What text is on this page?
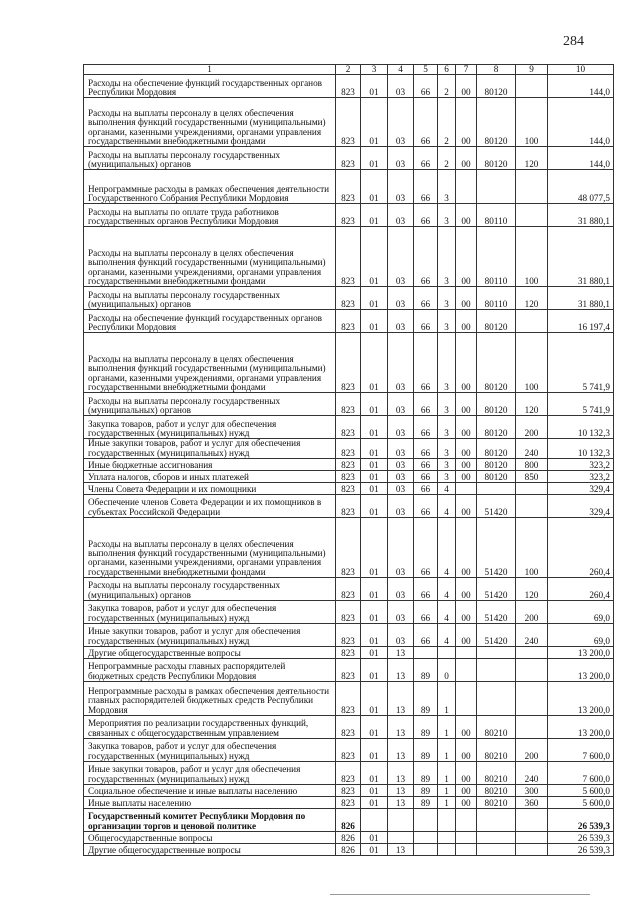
284
1	2	3	4	5	6	7	8	9	10
Расходы на обеспечение функций государственных органов Республики Мордовия	823	01	03	66	2	00	80120		144,0
Расходы на выплаты персоналу в целях обеспечения выполнения функций государственными (муниципальными) органами, казенными учреждениями, органами управления государственными внебюджетными фондами	823	01	03	66	2	00	80120	100	144,0
Расходы на выплаты персоналу государственных (муниципальных) органов	823	01	03	66	2	00	80120	120	144,0
Непрограммные расходы в рамках обеспечения деятельности Государственного Собрания Республики Мордовия	823	01	03	66	3				48 077,5
Расходы на выплаты по оплате труда работников государственных органов Республики Мордовия	823	01	03	66	3	00	80110		31 880,1
Расходы на выплаты персоналу в целях обеспечения выполнения функций государственными (муниципальными) органами, казенными учреждениями, органами управления государственными внебюджетными фондами	823	01	03	66	3	00	80110	100	31 880,1
Расходы на выплаты персоналу государственных (муниципальных) органов	823	01	03	66	3	00	80110	120	31 880,1
Расходы на обеспечение функций государственных органов Республики Мордовия	823	01	03	66	3	00	80120		16 197,4
Расходы на выплаты персоналу в целях обеспечения выполнения функций государственными (муниципальными) органами, казенными учреждениями, органами управления государственными внебюджетными фондами	823	01	03	66	3	00	80120	100	5 741,9
Расходы на выплаты персоналу государственных (муниципальных) органов	823	01	03	66	3	00	80120	120	5 741,9
Закупка товаров, работ и услуг для обеспечения государственных (муниципальных) нужд	823	01	03	66	3	00	80120	200	10 132,3
Иные закупки товаров, работ и услуг для обеспечения государственных (муниципальных) нужд	823	01	03	66	3	00	80120	240	10 132,3
Иные бюджетные ассигнования	823	01	03	66	3	00	80120	800	323,2
Уплата налогов, сборов и иных платежей	823	01	03	66	3	00	80120	850	323,2
Члены Совета Федерации и их помощники	823	01	03	66	4				329,4
Обеспечение членов Совета Федерации и их помощников в субъектах Российской Федерации	823	01	03	66	4	00	51420		329,4
Расходы на выплаты персоналу в целях обеспечения выполнения функций государственными (муниципальными) органами, казенными учреждениями, органами управления государственными внебюджетными фондами	823	01	03	66	4	00	51420	100	260,4
Расходы на выплаты персоналу государственных (муниципальных) органов	823	01	03	66	4	00	51420	120	260,4
Закупка товаров, работ и услуг для обеспечения государственных (муниципальных) нужд	823	01	03	66	4	00	51420	200	69,0
Иные закупки товаров, работ и услуг для обеспечения государственных (муниципальных) нужд	823	01	03	66	4	00	51420	240	69,0
Другие общегосударственные вопросы	823	01	13						13 200,0
Непрограммные расходы главных распорядителей бюджетных средств Республики Мордовия	823	01	13	89	0				13 200,0
Непрограммные расходы в рамках обеспечения деятельности главных распорядителей бюджетных средств Республики Мордовия	823	01	13	89	1				13 200,0
Мероприятия по реализации государственных функций, связанных с общегосударственным управлением	823	01	13	89	1	00	80210		13 200,0
Закупка товаров, работ и услуг для обеспечения государственных (муниципальных) нужд	823	01	13	89	1	00	80210	200	7 600,0
Иные закупки товаров, работ и услуг для обеспечения государственных (муниципальных) нужд	823	01	13	89	1	00	80210	240	7 600,0
Социальное обеспечение и иные выплаты населению	823	01	13	89	1	00	80210	300	5 600,0
Иные выплаты населению	823	01	13	89	1	00	80210	360	5 600,0
Государственный комитет Республики Мордовия по организации торгов и ценовой политике	826								26 539,3
Общегосударственные вопросы	826	01							26 539,3
Другие общегосударственные вопросы	826	01	13						26 539,3
